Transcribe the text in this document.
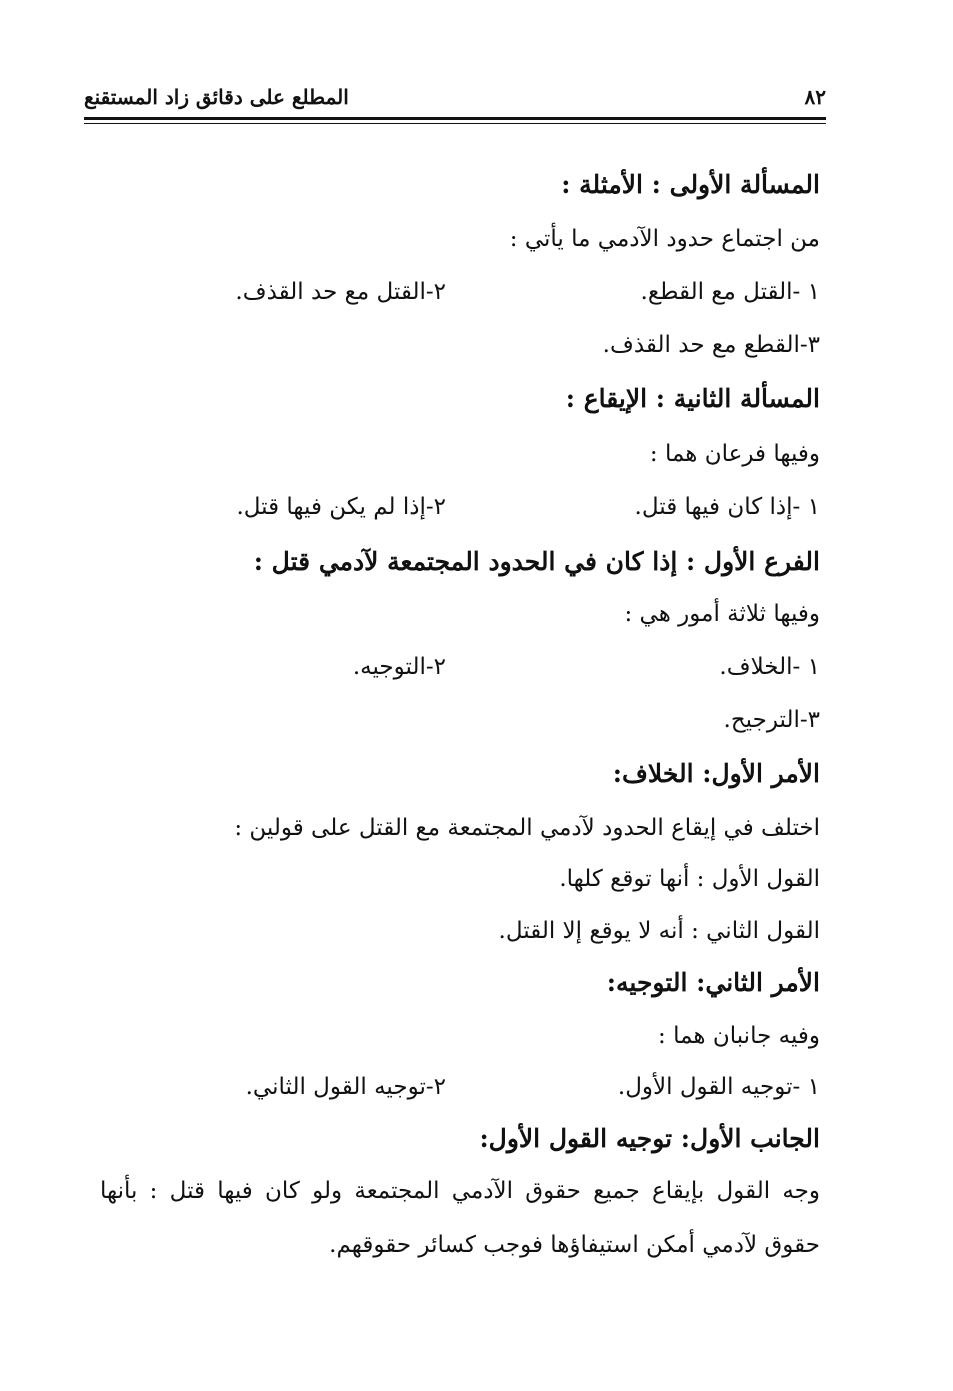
٨٢
المطلع على دقائق زاد المستقنع
المسألة الأولى : الأمثلة :
من اجتماع حدود الآدمي ما يأتي :
١ -القتل مع القطع.
٢-القتل مع حد القذف.
٣-القطع مع حد القذف.
المسألة الثانية : الإيقاع :
وفيها فرعان هما :
١ -إذا كان فيها قتل.
٢-إذا لم يكن فيها قتل.
الفرع الأول : إذا كان في الحدود المجتمعة لآدمي قتل :
وفيها ثلاثة أمور هي :
١ -الخلاف.
٢-التوجيه.
٣-الترجيح.
الأمر الأول: الخلاف:
اختلف في إيقاع الحدود لآدمي المجتمعة مع القتل على قولين :
القول الأول : أنها توقع كلها.
القول الثاني : أنه لا يوقع إلا القتل.
الأمر الثاني: التوجيه:
وفيه جانبان هما :
١ -توجيه القول الأول.
٢-توجيه القول الثاني.
الجانب الأول: توجيه القول الأول:
وجه القول بإيقاع جميع حقوق الآدمي المجتمعة ولو كان فيها قتل : بأنها حقوق لآدمي أمكن استيفاؤها فوجب كسائر حقوقهم.
